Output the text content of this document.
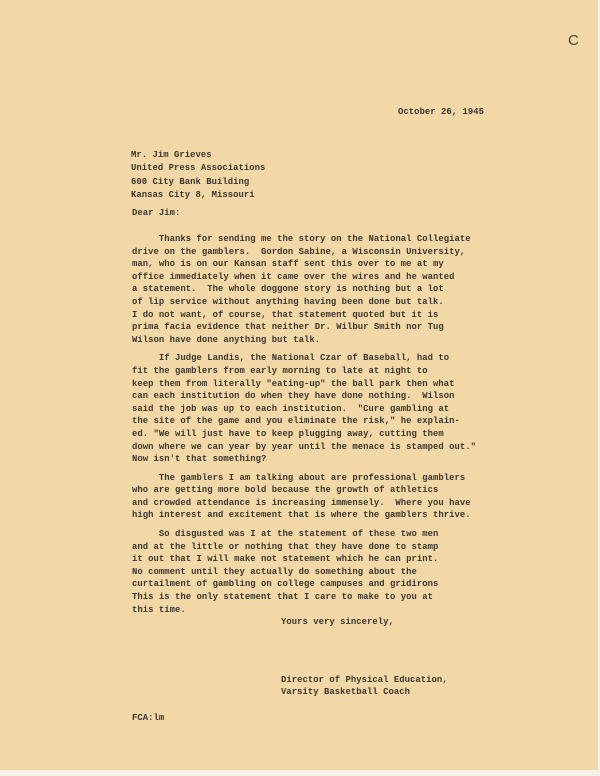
C
October 26, 1945
Mr. Jim Grieves
United Press Associations
600 City Bank Building
Kansas City 8, Missouri
Dear Jim:
Thanks for sending me the story on the National Collegiate
drive on the gamblers.  Gordon Sabine, a Wisconsin University,
man, who is on our Kansan staff sent this over to me at my
office immediately when it came over the wires and he wanted
a statement.  The whole doggone story is nothing but a lot
of lip service without anything having been done but talk.
I do not want, of course, that statement quoted but it is
prima facia evidence that neither Dr. Wilbur Smith nor Tug
Wilson have done anything but talk.
If Judge Landis, the National Czar of Baseball, had to
fit the gamblers from early morning to late at night to
keep them from literally "eating-up" the ball park then what
can each institution do when they have done nothing.  Wilson
said the job was up to each institution.  "Cure gambling at
the site of the game and you eliminate the risk," he explain-
ed. "We will just have to keep plugging away, cutting them
down where we can year by year until the menace is stamped out."
Now isn't that something?
The gamblers I am talking about are professional gamblers
who are getting more bold because the growth of athletics
and crowded attendance is increasing immensely.  Where you have
high interest and excitement that is where the gamblers thrive.
So disgusted was I at the statement of these two men
and at the little or nothing that they have done to stamp
it out that I will make not statement which he can print.
No comment until they actually do something about the
curtailment of gambling on college campuses and gridirons
This is the only statement that I care to make to you at
this time.
Yours very sincerely,
Director of Physical Education,
Varsity Basketball Coach
FCA:lm
